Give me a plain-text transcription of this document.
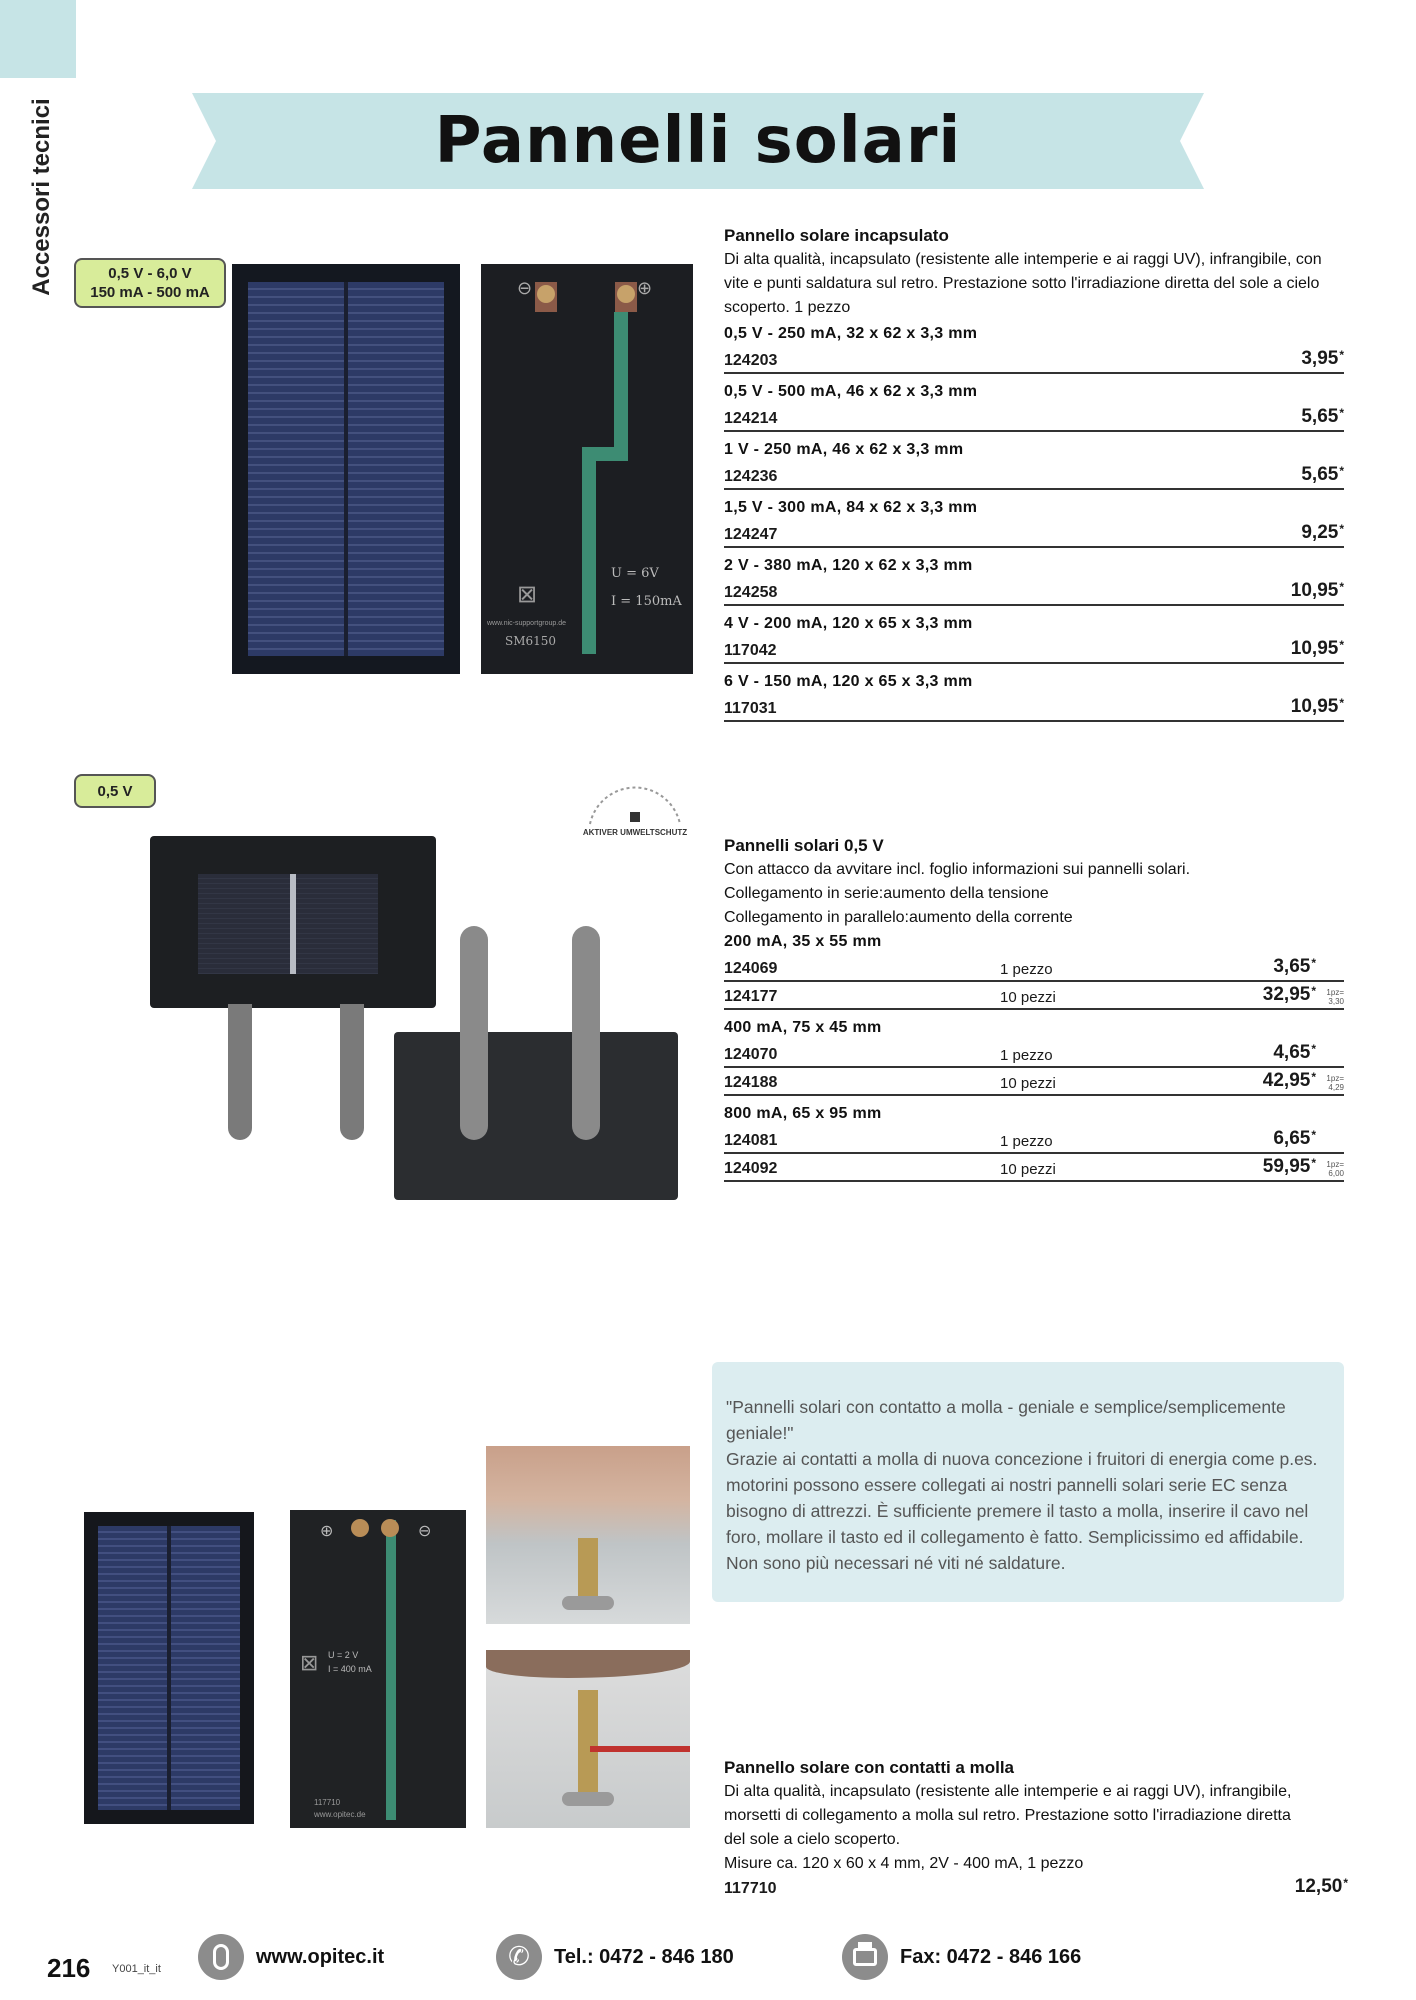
Accessori tecnici	Pannelli solari
0,5 V - 6,0 V
150 mA - 500 mA
0,5 V
⊖	⊕
U = 6V
I = 150mA
⊠
www.nic-supportgroup.de
SM6150
Pannello solare incapsulato
Di alta qualità, incapsulato (resistente alle intemperie e ai raggi UV), infrangibile, con vite e punti saldatura sul retro. Prestazione sotto l'irradiazione diretta del sole a cielo scoperto. 1 pezzo
0,5 V - 250 mA, 32 x 62 x 3,3 mm
124203	3,95*
0,5 V - 500 mA, 46 x 62 x 3,3 mm
124214	5,65*
1 V - 250 mA, 46 x 62 x 3,3 mm
124236	5,65*
1,5 V - 300 mA, 84 x 62 x 3,3 mm
124247	9,25*
2 V - 380 mA, 120 x 62 x 3,3 mm
124258	10,95*
4 V - 200 mA, 120 x 65 x 3,3 mm
117042	10,95*
6 V - 150 mA, 120 x 65 x 3,3 mm
117031	10,95*
AKTIVER UMWELTSCHUTZ
Pannelli solari 0,5 V
Con attacco da avvitare incl. foglio informazioni sui pannelli solari.
Collegamento in serie:aumento della tensione
Collegamento in parallelo:aumento della corrente
200 mA, 35 x 55 mm
124069	1 pezzo	3,65*
124177	10 pezzi	32,95*	1pz=
3,30
400 mA, 75 x 45 mm
124070	1 pezzo	4,65*
124188	10 pezzi	42,95*	1pz=
4,29
800 mA, 65 x 95 mm
124081	1 pezzo	6,65*
124092	10 pezzi	59,95*	1pz=
6,00
"Pannelli solari con contatto a molla - geniale e semplice/semplicemente geniale!"
Grazie ai contatti a molla di nuova concezione i fruitori di energia come p.es. motorini possono essere collegati ai nostri pannelli solari serie EC senza bisogno di attrezzi. È sufficiente premere il tasto a molla, inserire il cavo nel foro, mollare il tasto ed il collegamento è fatto. Semplicissimo ed affidabile. Non sono più necessari né viti né saldature.
⊕	⊖
⊠ U = 2 V
I = 400 mA
117710
www.opitec.de
Pannello solare con contatti a molla
Di alta qualità, incapsulato (resistente alle intemperie e ai raggi UV), infrangibile,
morsetti di collegamento a molla sul retro. Prestazione sotto l'irradiazione diretta
del sole a cielo scoperto.
Misure ca. 120 x 60 x 4 mm, 2V - 400 mA, 1 pezzo
117710	12,50*
216 Y001_it_it
www.opitec.it	✆	Tel.: 0472 - 846 180	Fax: 0472 - 846 166
